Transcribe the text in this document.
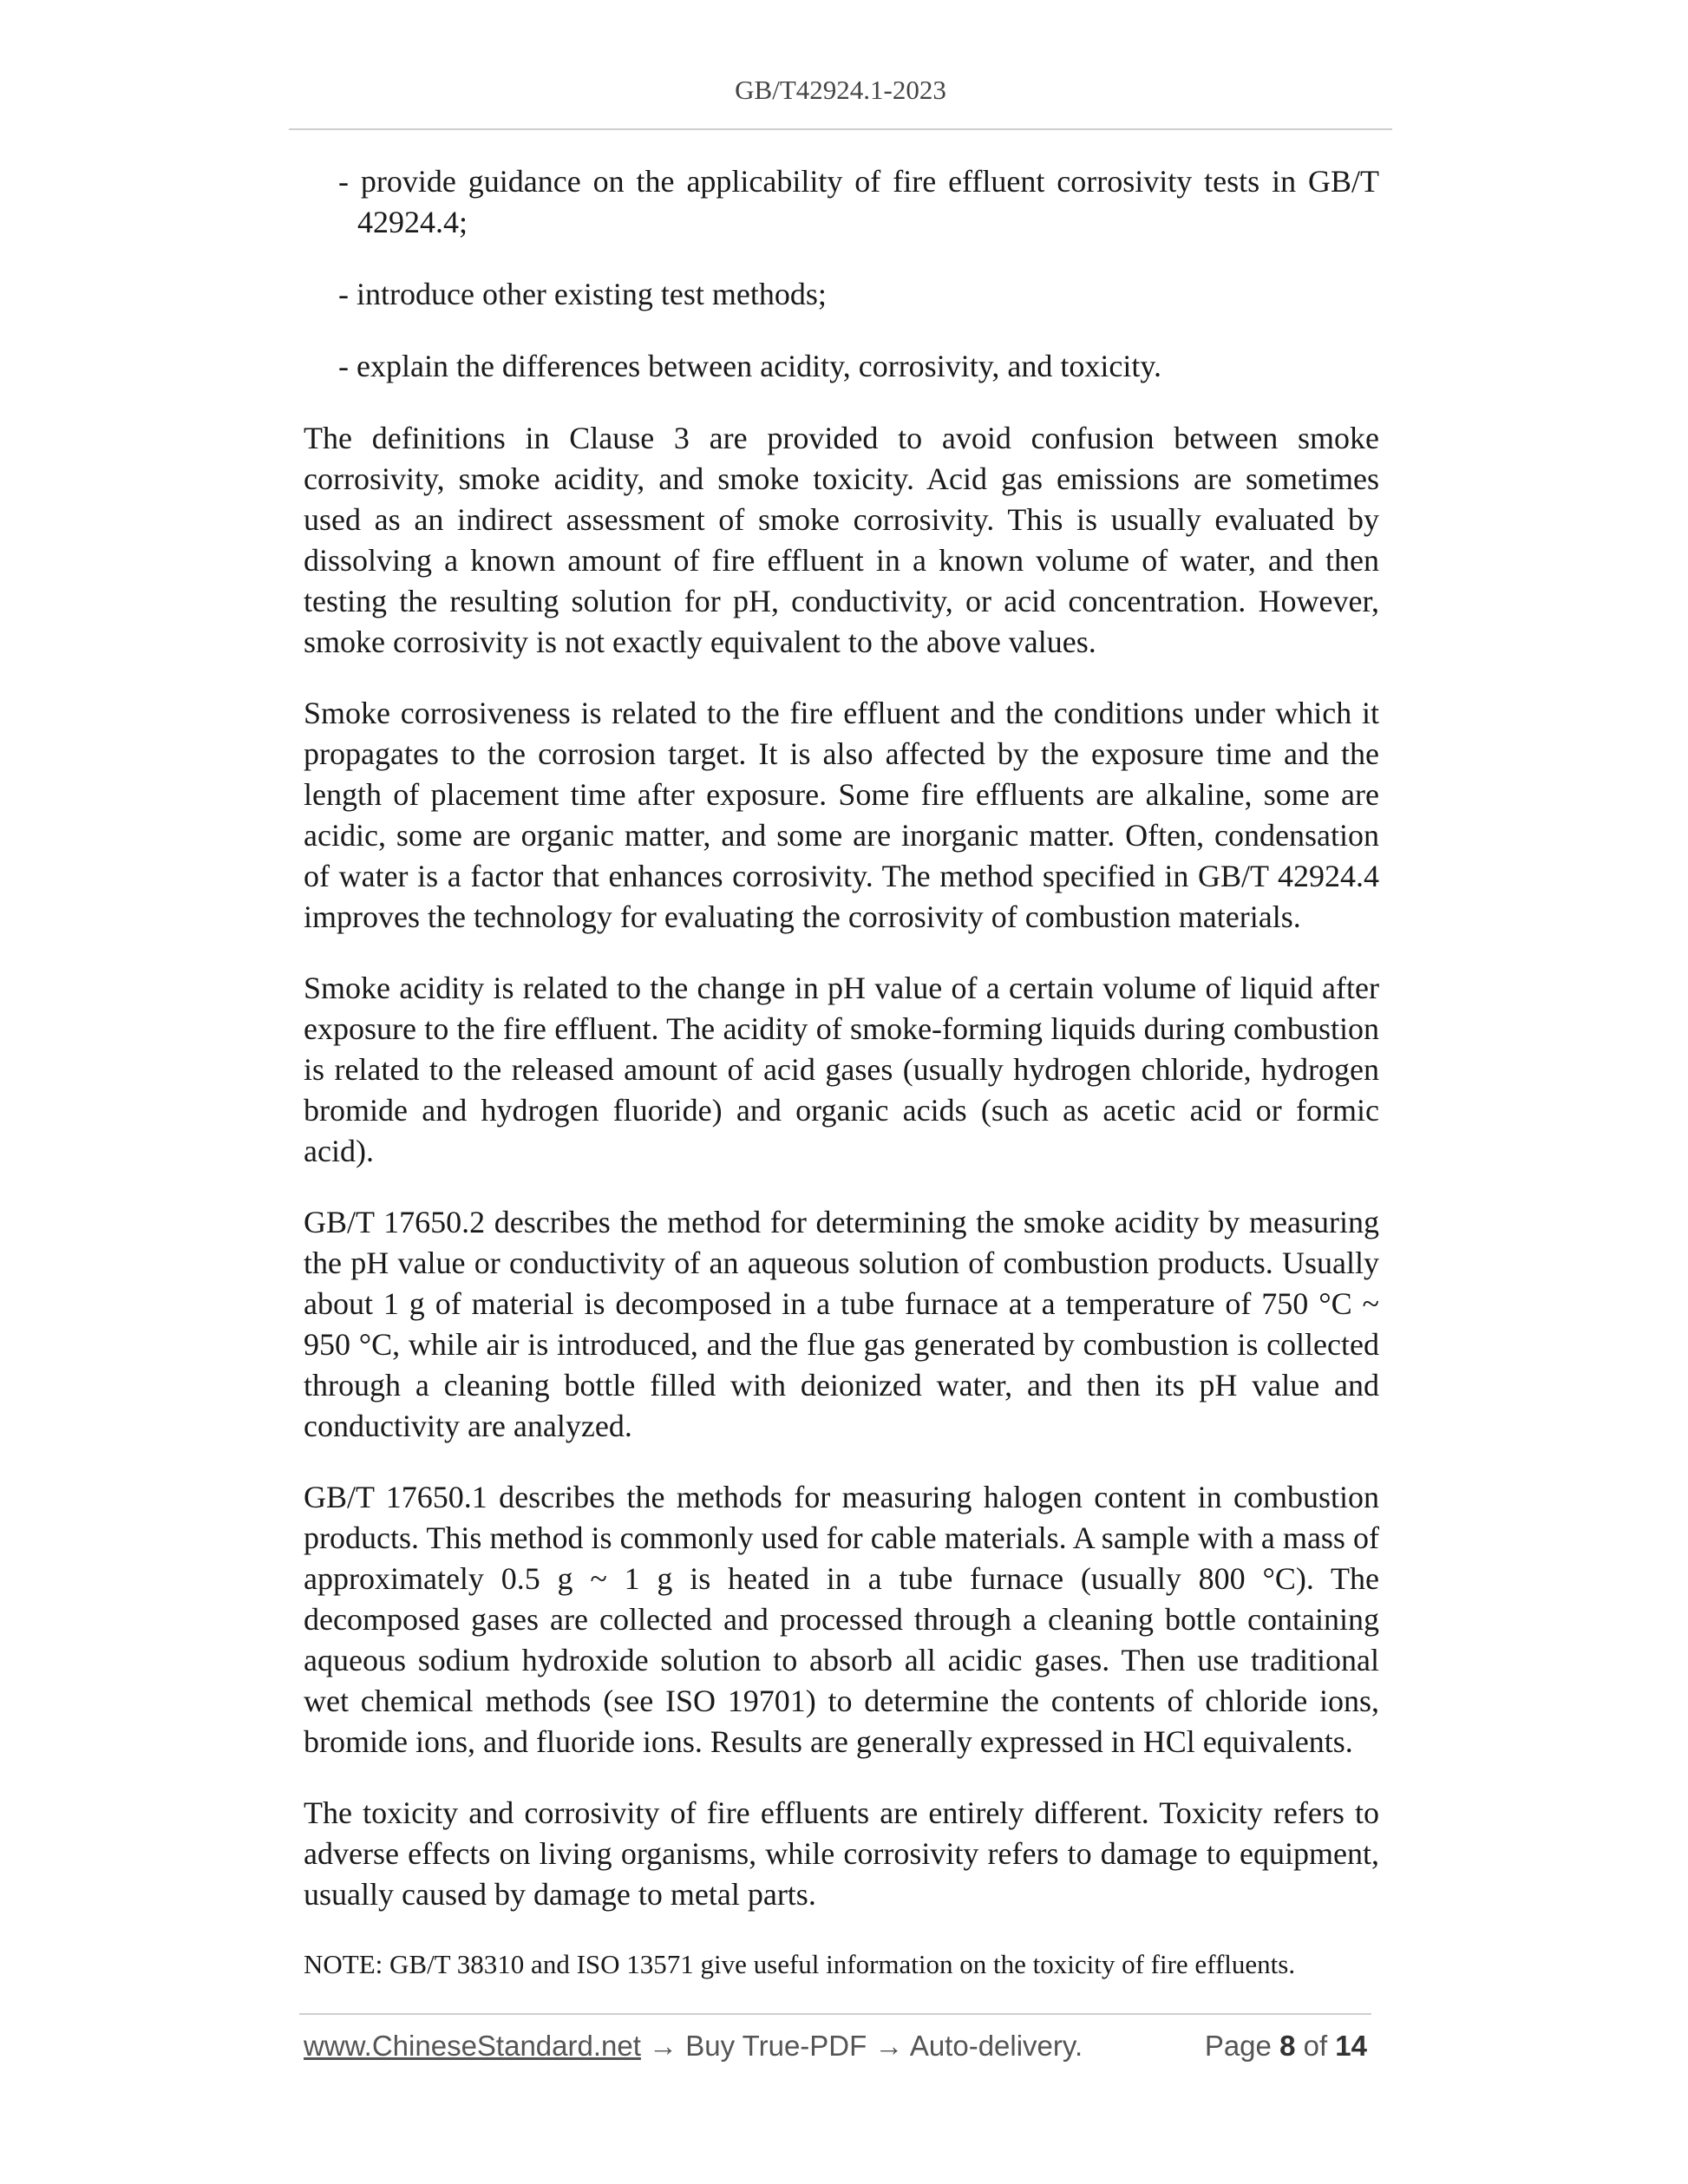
GB/T42924.1-2023

- provide guidance on the applicability of fire effluent corrosivity tests in GB/T 42924.4;

- introduce other existing test methods;

- explain the differences between acidity, corrosivity, and toxicity.

The definitions in Clause 3 are provided to avoid confusion between smoke corrosivity, smoke acidity, and smoke toxicity. Acid gas emissions are sometimes used as an indirect assessment of smoke corrosivity. This is usually evaluated by dissolving a known amount of fire effluent in a known volume of water, and then testing the resulting solution for pH, conductivity, or acid concentration. However, smoke corrosivity is not exactly equivalent to the above values.

Smoke corrosiveness is related to the fire effluent and the conditions under which it propagates to the corrosion target. It is also affected by the exposure time and the length of placement time after exposure. Some fire effluents are alkaline, some are acidic, some are organic matter, and some are inorganic matter. Often, condensation of water is a factor that enhances corrosivity. The method specified in GB/T 42924.4 improves the technology for evaluating the corrosivity of combustion materials.

Smoke acidity is related to the change in pH value of a certain volume of liquid after exposure to the fire effluent. The acidity of smoke-forming liquids during combustion is related to the released amount of acid gases (usually hydrogen chloride, hydrogen bromide and hydrogen fluoride) and organic acids (such as acetic acid or formic acid).

GB/T 17650.2 describes the method for determining the smoke acidity by measuring the pH value or conductivity of an aqueous solution of combustion products. Usually about 1 g of material is decomposed in a tube furnace at a temperature of 750 °C ~ 950 °C, while air is introduced, and the flue gas generated by combustion is collected through a cleaning bottle filled with deionized water, and then its pH value and conductivity are analyzed.

GB/T 17650.1 describes the methods for measuring halogen content in combustion products. This method is commonly used for cable materials. A sample with a mass of approximately 0.5 g ~ 1 g is heated in a tube furnace (usually 800 °C). The decomposed gases are collected and processed through a cleaning bottle containing aqueous sodium hydroxide solution to absorb all acidic gases. Then use traditional wet chemical methods (see ISO 19701) to determine the contents of chloride ions, bromide ions, and fluoride ions. Results are generally expressed in HCl equivalents.

The toxicity and corrosivity of fire effluents are entirely different. Toxicity refers to adverse effects on living organisms, while corrosivity refers to damage to equipment, usually caused by damage to metal parts.

NOTE: GB/T 38310 and ISO 13571 give useful information on the toxicity of fire effluents.

www.ChineseStandard.net → Buy True-PDF → Auto-delivery.	Page 8 of 14
